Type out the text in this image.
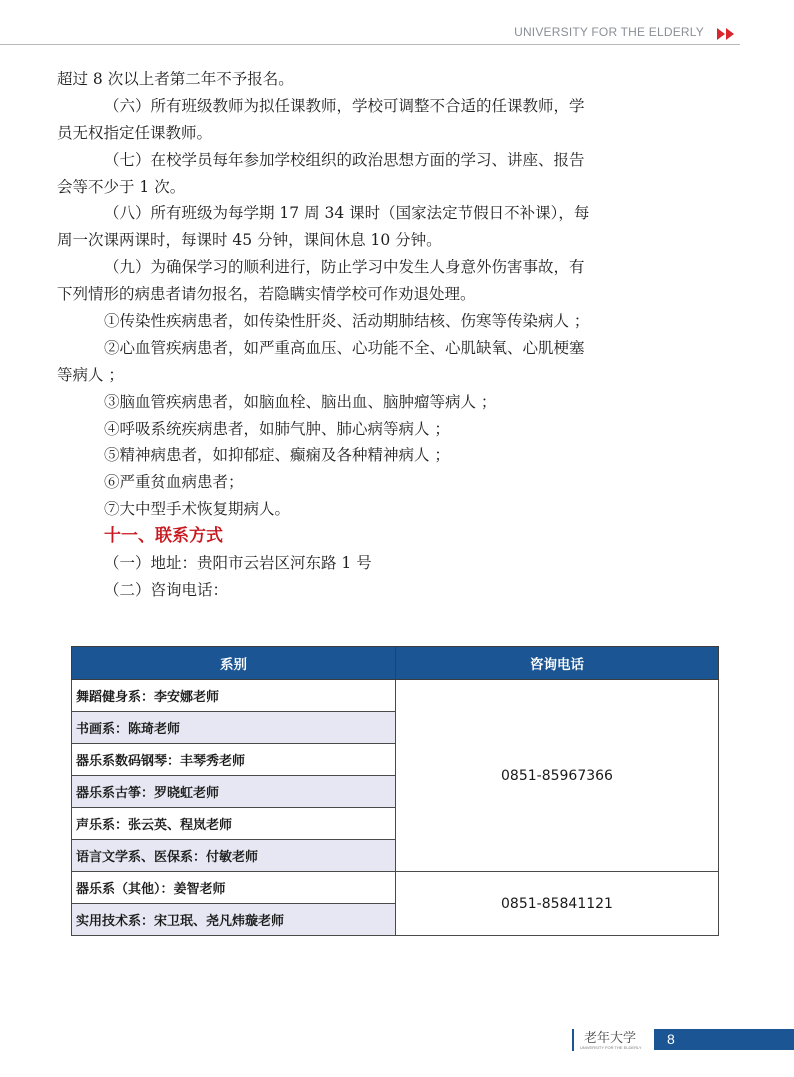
UNIVERSITY FOR THE ELDERLY
超过 8 次以上者第二年不予报名。
（六）所有班级教师为拟任课教师，学校可调整不合适的任课教师，学
员无权指定任课教师。
（七）在校学员每年参加学校组织的政治思想方面的学习、讲座、报告
会等不少于 1 次。
（八）所有班级为每学期 17 周 34 课时（国家法定节假日不补课），每
周一次课两课时，每课时 45 分钟，课间休息 10 分钟。
（九）为确保学习的顺利进行，防止学习中发生人身意外伤害事故，有
下列情形的病患者请勿报名，若隐瞒实情学校可作劝退处理。
①传染性疾病患者，如传染性肝炎、活动期肺结核、伤寒等传染病人 ；
②心血管疾病患者，如严重高血压、心功能不全、心肌缺氧、心肌梗塞
等病人 ；
③脑血管疾病患者，如脑血栓、脑出血、脑肿瘤等病人 ；
④呼吸系统疾病患者，如肺气肿、肺心病等病人 ；
⑤精神病患者，如抑郁症、癫痫及各种精神病人 ；
⑥严重贫血病患者；
⑦大中型手术恢复期病人。
十一、联系方式
（一）地址：贵阳市云岩区河东路 1 号
（二）咨询电话：
系别	咨询电话
舞蹈健身系：李安娜老师	0851-85967366
书画系：陈琦老师	
器乐系数码钢琴：丰琴秀老师	
器乐系古筝：罗晓虹老师	
声乐系：张云英、程岚老师	
语言文学系、医保系：付敏老师	
器乐系（其他）：姜智老师	0851-85841121
实用技术系：宋卫珉、尧凡炜璇老师	
老年大学
UNIVERSITY FOR THE ELDERLY
8
